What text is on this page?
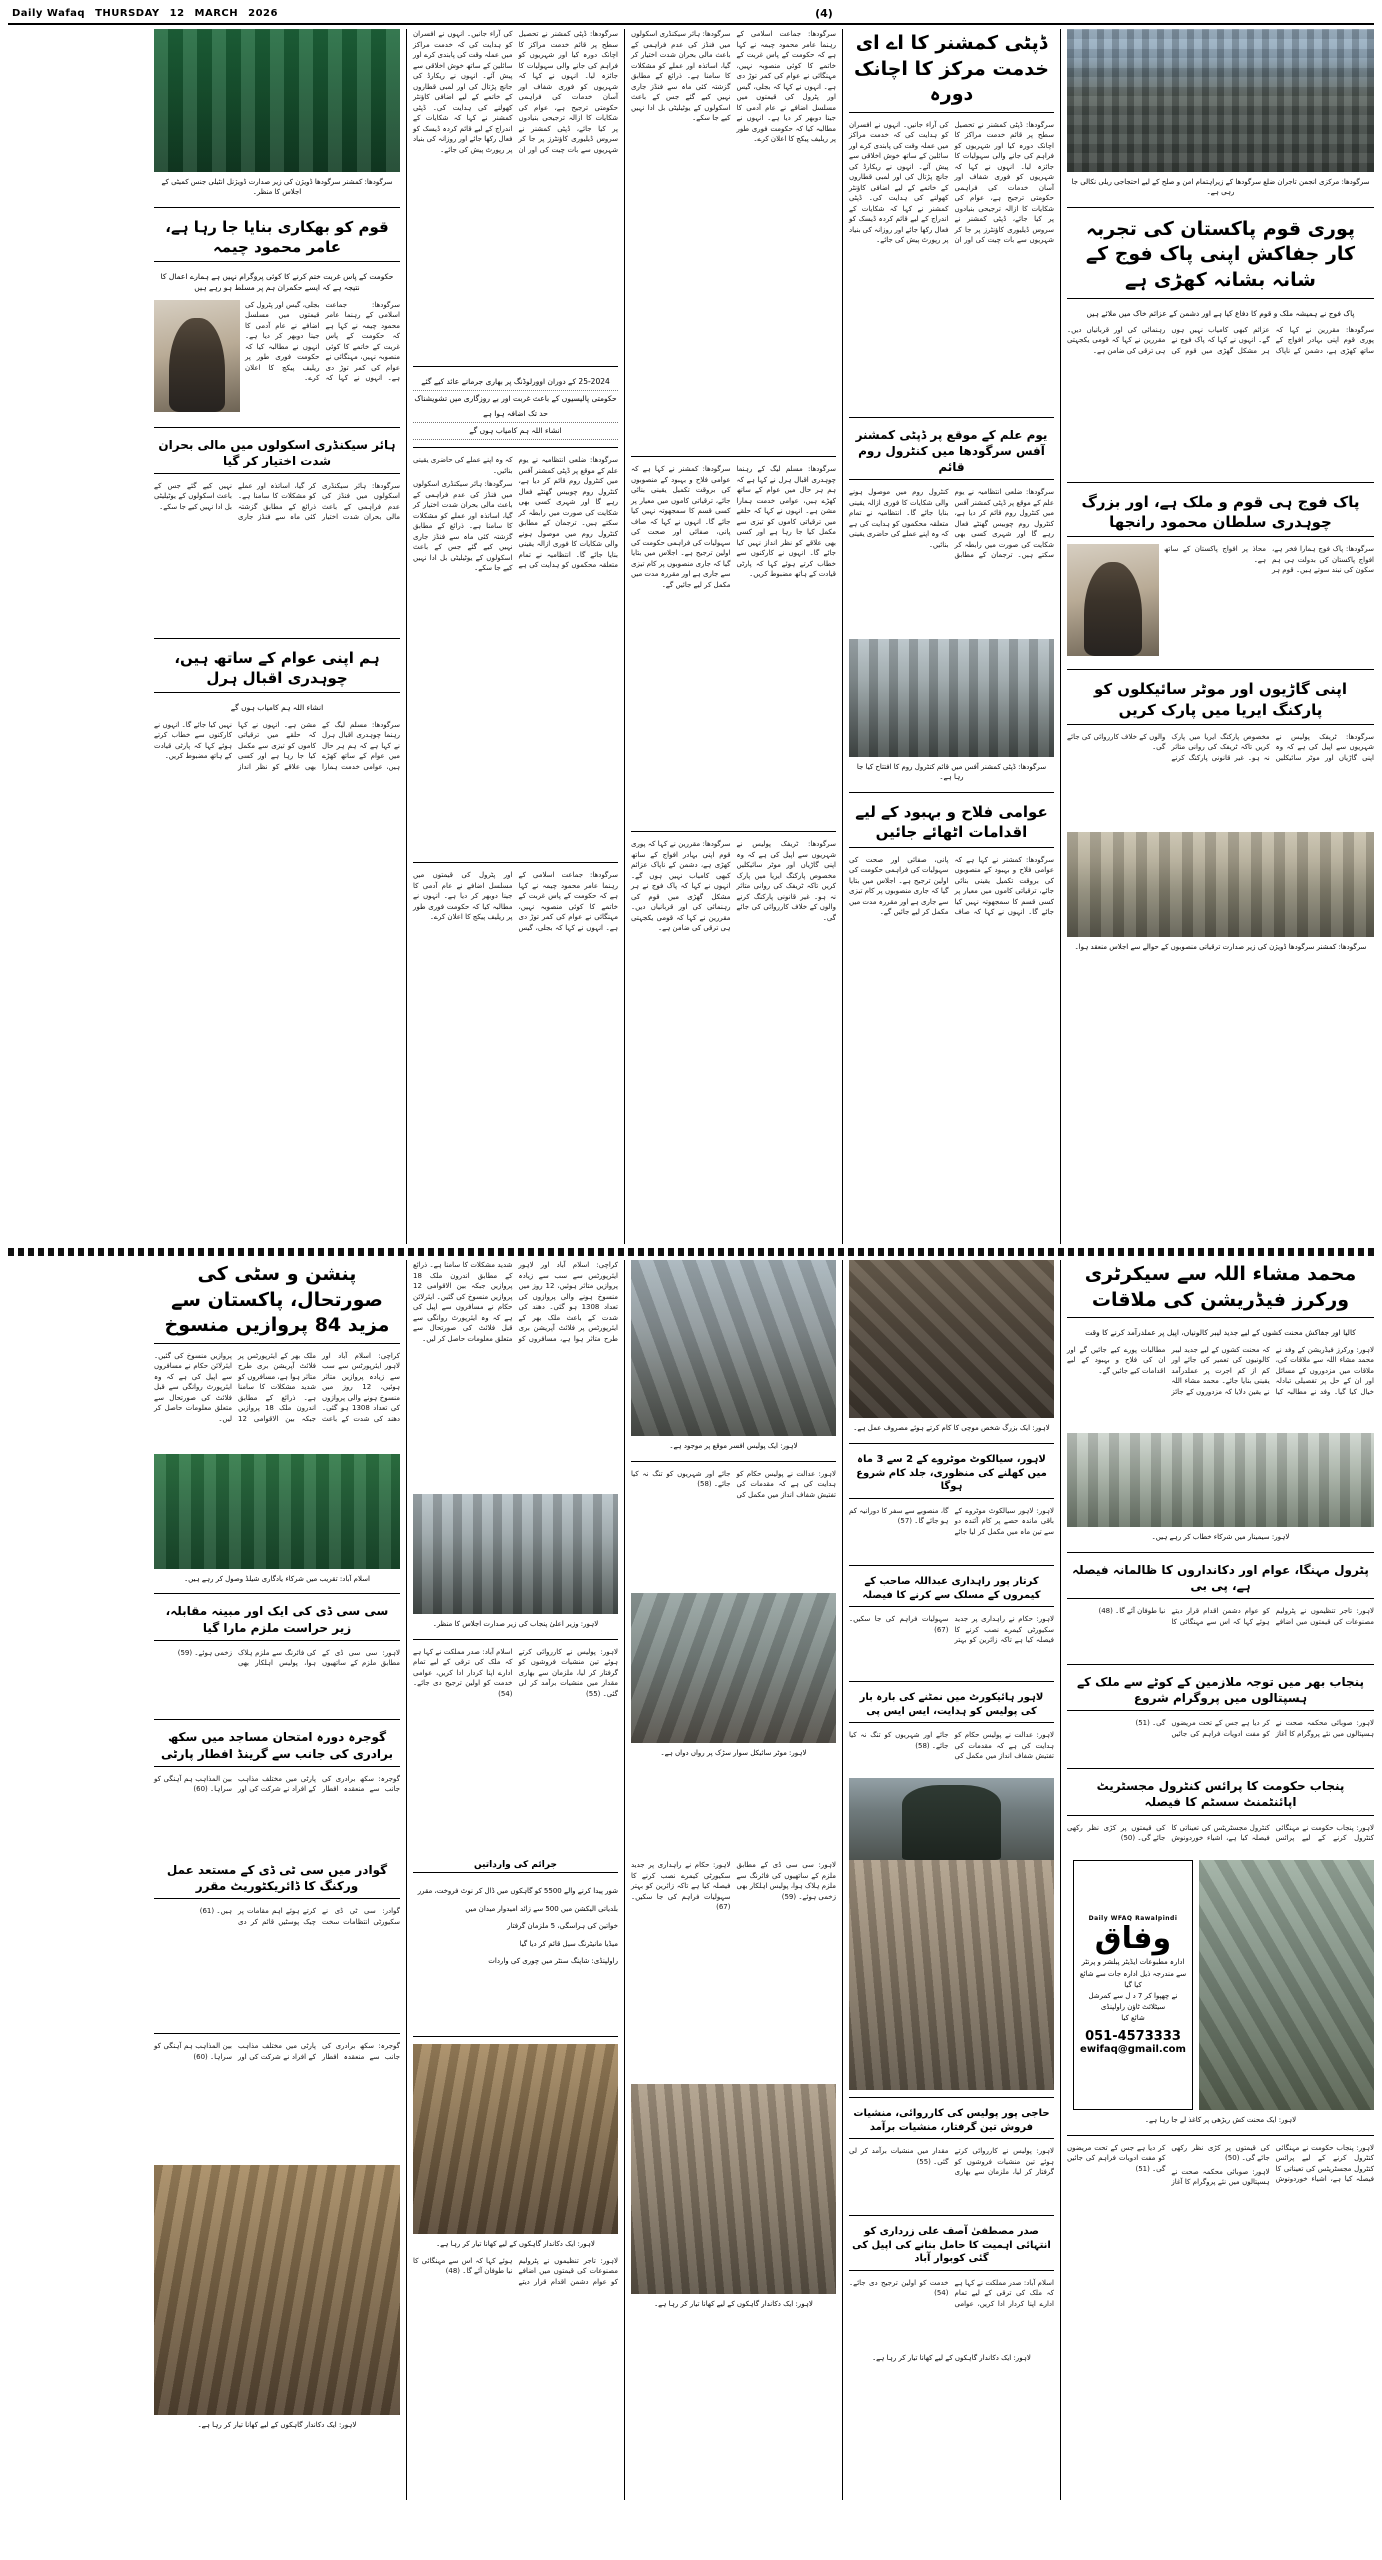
Daily Wafaq THURSDAY 12 MARCH 2026	(4)
سرگودھا: مرکزی انجمن تاجران ضلع سرگودھا کے زیراہتمام امن و صلح کے لیے احتجاجی ریلی نکالی جا رہی ہے۔
پوری قوم پاکستان کی تجربہ کار جفاکش اپنی پاک فوج کے شانہ بشانہ کھڑی ہے
پاک فوج نے ہمیشہ ملک و قوم کا دفاع کیا ہے اور دشمن کے عزائم خاک میں ملائے ہیں

سرگودھا: مقررین نے کہا کہ پوری قوم اپنی بہادر افواج کے ساتھ کھڑی ہے، دشمن کے ناپاک عزائم کبھی کامیاب نہیں ہوں گے۔ انہوں نے کہا کہ پاک فوج نے ہر مشکل گھڑی میں قوم کی رہنمائی کی اور قربانیاں دیں۔ مقررین نے کہا کہ قومی یکجہتی ہی ترقی کی ضامن ہے۔

پاک فوج ہی قوم و ملک ہے، اور بزرگ چوہدری سلطان محمود رانجھا

سرگودھا: پاک فوج ہمارا فخر ہے، افواج پاکستان کی بدولت ہی ہم سکون کی نیند سوتے ہیں۔ قوم ہر محاذ پر افواج پاکستان کے ساتھ ہے۔

اپنی گاڑیوں اور موٹر سائیکلوں کو پارکنگ ایریا میں پارک کریں

سرگودھا: ٹریفک پولیس نے شہریوں سے اپیل کی ہے کہ وہ اپنی گاڑیاں اور موٹر سائیکلیں مخصوص پارکنگ ایریا میں پارک کریں تاکہ ٹریفک کی روانی متاثر نہ ہو۔ غیر قانونی پارکنگ کرنے والوں کے خلاف کارروائی کی جائے گی۔

سرگودھا: کمشنر سرگودھا ڈویژن کی زیر صدارت ترقیاتی منصوبوں کے حوالے سے اجلاس منعقد ہوا۔
ڈپٹی کمشنر کا اے ای خدمت مرکز کا اچانک دورہ

سرگودھا: ڈپٹی کمشنر نے تحصیل سطح پر قائم خدمت مراکز کا اچانک دورہ کیا اور شہریوں کو فراہم کی جانے والی سہولیات کا جائزہ لیا۔ انہوں نے کہا کہ شہریوں کو فوری شفاف اور آسان خدمات کی فراہمی حکومتی ترجیح ہے، عوام کی شکایات کا ازالہ ترجیحی بنیادوں پر کیا جائے، ڈپٹی کمشنر نے سروس ڈیلیوری کاؤنٹرز پر جا کر شہریوں سے بات چیت کی اور ان کی آراء جانیں۔ انہوں نے افسران کو ہدایت کی کہ خدمت مراکز میں عملہ وقت کی پابندی کرے اور سائلین کے ساتھ خوش اخلاقی سے پیش آئے۔ انہوں نے ریکارڈ کی جانچ پڑتال کی اور لمبی قطاروں کے خاتمے کے لیے اضافی کاؤنٹر کھولنے کی ہدایت کی۔ ڈپٹی کمشنر نے کہا کہ شکایات کے اندراج کے لیے قائم کردہ ڈیسک کو فعال رکھا جائے اور روزانہ کی بنیاد پر رپورٹ پیش کی جائے۔

یوم علم کے موقع پر ڈپٹی کمشنر آفس سرگودھا میں کنٹرول روم قائم

سرگودھا: ضلعی انتظامیہ نے یوم علم کے موقع پر ڈپٹی کمشنر آفس میں کنٹرول روم قائم کر دیا ہے، کنٹرول روم چوبیس گھنٹے فعال رہے گا اور شہری کسی بھی شکایت کی صورت میں رابطہ کر سکتے ہیں۔ ترجمان کے مطابق کنٹرول روم میں موصول ہونے والی شکایات کا فوری ازالہ یقینی بنایا جائے گا۔ انتظامیہ نے تمام متعلقہ محکموں کو ہدایت کی ہے کہ وہ اپنے عملے کی حاضری یقینی بنائیں۔

سرگودھا: ڈپٹی کمشنر آفس میں قائم کنٹرول روم کا افتتاح کیا جا رہا ہے۔
عوامی فلاح و بہبود کے لیے اقدامات اٹھائے جائیں

سرگودھا: کمشنر نے کہا ہے کہ عوامی فلاح و بہبود کے منصوبوں کی بروقت تکمیل یقینی بنائی جائے، ترقیاتی کاموں میں معیار پر کسی قسم کا سمجھوتہ نہیں کیا جائے گا۔ انہوں نے کہا کہ صاف پانی، صفائی اور صحت کی سہولیات کی فراہمی حکومت کی اولین ترجیح ہے۔ اجلاس میں بتایا گیا کہ جاری منصوبوں پر کام تیزی سے جاری ہے اور مقررہ مدت میں مکمل کر لیے جائیں گے۔

سرگودھا: جماعت اسلامی کے رہنما عامر محمود چیمہ نے کہا ہے کہ حکومت کے پاس غربت کے خاتمے کا کوئی منصوبہ نہیں، مہنگائی نے عوام کی کمر توڑ دی ہے۔ انہوں نے کہا کہ بجلی، گیس اور پٹرول کی قیمتوں میں مسلسل اضافے نے عام آدمی کا جینا دوبھر کر دیا ہے۔ انہوں نے مطالبہ کیا کہ حکومت فوری طور پر ریلیف پیکج کا اعلان کرے۔

سرگودھا: ہائر سیکنڈری اسکولوں میں فنڈز کی عدم فراہمی کے باعث مالی بحران شدت اختیار کر گیا، اساتذہ اور عملے کو مشکلات کا سامنا ہے۔ ذرائع کے مطابق گزشتہ کئی ماہ سے فنڈز جاری نہیں کیے گئے جس کے باعث اسکولوں کے یوٹیلیٹی بل ادا نہیں کیے جا سکے۔

سرگودھا: مسلم لیگ کے رہنما چوہدری اقبال ہرل نے کہا ہے کہ ہم ہر حال میں عوام کے ساتھ کھڑے ہیں، عوامی خدمت ہمارا مشن ہے۔ انہوں نے کہا کہ حلقے میں ترقیاتی کاموں کو تیزی سے مکمل کیا جا رہا ہے اور کسی بھی علاقے کو نظر انداز نہیں کیا جائے گا۔ انہوں نے کارکنوں سے خطاب کرتے ہوئے کہا کہ پارٹی قیادت کے ہاتھ مضبوط کریں۔

سرگودھا: کمشنر نے کہا ہے کہ عوامی فلاح و بہبود کے منصوبوں کی بروقت تکمیل یقینی بنائی جائے، ترقیاتی کاموں میں معیار پر کسی قسم کا سمجھوتہ نہیں کیا جائے گا۔ انہوں نے کہا کہ صاف پانی، صفائی اور صحت کی سہولیات کی فراہمی حکومت کی اولین ترجیح ہے۔ اجلاس میں بتایا گیا کہ جاری منصوبوں پر کام تیزی سے جاری ہے اور مقررہ مدت میں مکمل کر لیے جائیں گے۔

سرگودھا: ٹریفک پولیس نے شہریوں سے اپیل کی ہے کہ وہ اپنی گاڑیاں اور موٹر سائیکلیں مخصوص پارکنگ ایریا میں پارک کریں تاکہ ٹریفک کی روانی متاثر نہ ہو۔ غیر قانونی پارکنگ کرنے والوں کے خلاف کارروائی کی جائے گی۔

سرگودھا: مقررین نے کہا کہ پوری قوم اپنی بہادر افواج کے ساتھ کھڑی ہے، دشمن کے ناپاک عزائم کبھی کامیاب نہیں ہوں گے۔ انہوں نے کہا کہ پاک فوج نے ہر مشکل گھڑی میں قوم کی رہنمائی کی اور قربانیاں دیں۔ مقررین نے کہا کہ قومی یکجہتی ہی ترقی کی ضامن ہے۔

سرگودھا: ڈپٹی کمشنر نے تحصیل سطح پر قائم خدمت مراکز کا اچانک دورہ کیا اور شہریوں کو فراہم کی جانے والی سہولیات کا جائزہ لیا۔ انہوں نے کہا کہ شہریوں کو فوری شفاف اور آسان خدمات کی فراہمی حکومتی ترجیح ہے، عوام کی شکایات کا ازالہ ترجیحی بنیادوں پر کیا جائے، ڈپٹی کمشنر نے سروس ڈیلیوری کاؤنٹرز پر جا کر شہریوں سے بات چیت کی اور ان کی آراء جانیں۔ انہوں نے افسران کو ہدایت کی کہ خدمت مراکز میں عملہ وقت کی پابندی کرے اور سائلین کے ساتھ خوش اخلاقی سے پیش آئے۔ انہوں نے ریکارڈ کی جانچ پڑتال کی اور لمبی قطاروں کے خاتمے کے لیے اضافی کاؤنٹر کھولنے کی ہدایت کی۔ ڈپٹی کمشنر نے کہا کہ شکایات کے اندراج کے لیے قائم کردہ ڈیسک کو فعال رکھا جائے اور روزانہ کی بنیاد پر رپورٹ پیش کی جائے۔

25-2024 کے دوران اوورلوڈنگ پر بھاری جرمانے عائد کیے گئے
حکومتی پالیسیوں کے باعث غربت اور بے روزگاری میں تشویشناک حد تک اضافہ ہوا ہے
انشاء اللہ ہم کامیاب ہوں گے

سرگودھا: ضلعی انتظامیہ نے یوم علم کے موقع پر ڈپٹی کمشنر آفس میں کنٹرول روم قائم کر دیا ہے، کنٹرول روم چوبیس گھنٹے فعال رہے گا اور شہری کسی بھی شکایت کی صورت میں رابطہ کر سکتے ہیں۔ ترجمان کے مطابق کنٹرول روم میں موصول ہونے والی شکایات کا فوری ازالہ یقینی بنایا جائے گا۔ انتظامیہ نے تمام متعلقہ محکموں کو ہدایت کی ہے کہ وہ اپنے عملے کی حاضری یقینی بنائیں۔

سرگودھا: ہائر سیکنڈری اسکولوں میں فنڈز کی عدم فراہمی کے باعث مالی بحران شدت اختیار کر گیا، اساتذہ اور عملے کو مشکلات کا سامنا ہے۔ ذرائع کے مطابق گزشتہ کئی ماہ سے فنڈز جاری نہیں کیے گئے جس کے باعث اسکولوں کے یوٹیلیٹی بل ادا نہیں کیے جا سکے۔

سرگودھا: جماعت اسلامی کے رہنما عامر محمود چیمہ نے کہا ہے کہ حکومت کے پاس غربت کے خاتمے کا کوئی منصوبہ نہیں، مہنگائی نے عوام کی کمر توڑ دی ہے۔ انہوں نے کہا کہ بجلی، گیس اور پٹرول کی قیمتوں میں مسلسل اضافے نے عام آدمی کا جینا دوبھر کر دیا ہے۔ انہوں نے مطالبہ کیا کہ حکومت فوری طور پر ریلیف پیکج کا اعلان کرے۔

سرگودھا: کمشنر سرگودھا ڈویژن کی زیر صدارت ڈویژنل انٹیلی جنس کمیٹی کے اجلاس کا منظر۔
قوم کو بھکاری بنایا جا رہا ہے، عامر محمود چیمہ
حکومت کے پاس غربت ختم کرنے کا کوئی پروگرام نہیں ہے ہمارے اعمال کا نتیجہ ہے کہ ایسے حکمران ہم پر مسلط ہو رہے ہیں

سرگودھا: جماعت اسلامی کے رہنما عامر محمود چیمہ نے کہا ہے کہ حکومت کے پاس غربت کے خاتمے کا کوئی منصوبہ نہیں، مہنگائی نے عوام کی کمر توڑ دی ہے۔ انہوں نے کہا کہ بجلی، گیس اور پٹرول کی قیمتوں میں مسلسل اضافے نے عام آدمی کا جینا دوبھر کر دیا ہے۔ انہوں نے مطالبہ کیا کہ حکومت فوری طور پر ریلیف پیکج کا اعلان کرے۔

ہائر سیکنڈری اسکولوں میں مالی بحران شدت اختیار کر گیا

سرگودھا: ہائر سیکنڈری اسکولوں میں فنڈز کی عدم فراہمی کے باعث مالی بحران شدت اختیار کر گیا، اساتذہ اور عملے کو مشکلات کا سامنا ہے۔ ذرائع کے مطابق گزشتہ کئی ماہ سے فنڈز جاری نہیں کیے گئے جس کے باعث اسکولوں کے یوٹیلیٹی بل ادا نہیں کیے جا سکے۔

ہم اپنی عوام کے ساتھ ہیں، چوہدری اقبال ہرل
انشاء اللہ ہم کامیاب ہوں گے

سرگودھا: مسلم لیگ کے رہنما چوہدری اقبال ہرل نے کہا ہے کہ ہم ہر حال میں عوام کے ساتھ کھڑے ہیں، عوامی خدمت ہمارا مشن ہے۔ انہوں نے کہا کہ حلقے میں ترقیاتی کاموں کو تیزی سے مکمل کیا جا رہا ہے اور کسی بھی علاقے کو نظر انداز نہیں کیا جائے گا۔ انہوں نے کارکنوں سے خطاب کرتے ہوئے کہا کہ پارٹی قیادت کے ہاتھ مضبوط کریں۔

محمد مشاء اللہ سے سیکرٹری ورکرز فیڈریشن کی ملاقات
کالیا اور جفاکش محنت کشوں کے لیے جدید لیبر کالونیاں، اپیل پر عملدرآمد کرنے کا وقت

لاہور: ورکرز فیڈریشن کے وفد نے محمد مشاء اللہ سے ملاقات کی، ملاقات میں مزدوروں کے مسائل اور ان کے حل پر تفصیلی تبادلہ خیال کیا گیا۔ وفد نے مطالبہ کیا کہ محنت کشوں کے لیے جدید لیبر کالونیوں کی تعمیر کی جائے اور کم از کم اجرت پر عملدرآمد یقینی بنایا جائے۔ محمد مشاء اللہ نے یقین دلایا کہ مزدوروں کے جائز مطالبات پورے کیے جائیں گے اور ان کی فلاح و بہبود کے لیے اقدامات کیے جائیں گے۔

لاہور: سیمینار میں شرکاء خطاب کر رہے ہیں۔
پٹرول مہنگا، عوام اور دکانداروں کا ظالمانہ فیصلہ ہے، پی بی

لاہور: تاجر تنظیموں نے پٹرولیم مصنوعات کی قیمتوں میں اضافے کو عوام دشمن اقدام قرار دیتے ہوئے کہا کہ اس سے مہنگائی کا نیا طوفان آئے گا۔ (48)

پنجاب بھر میں توجہ ملازمین کے کوٹے سے ملک کے ہسپتالوں میں پروگرام شروع

لاہور: صوبائی محکمہ صحت نے ہسپتالوں میں نئے پروگرام کا آغاز کر دیا ہے جس کے تحت مریضوں کو مفت ادویات فراہم کی جائیں گی۔ (51)

پنجاب حکومت کا پرائس کنٹرول مجسٹریٹ اپائنٹمنٹ سسٹم کا فیصلہ

لاہور: پنجاب حکومت نے مہنگائی کنٹرول کرنے کے لیے پرائس کنٹرول مجسٹریٹس کی تعیناتی کا فیصلہ کیا ہے، اشیاء خوردونوش کی قیمتوں پر کڑی نظر رکھی جائے گی۔ (50)

لاہور: ایک بزرگ شخص موچی کا کام کرتے ہوئے مصروف عمل ہے۔
لاہور، سیالکوٹ موٹروے کے 2 سے 3 ماہ میں کھلنے کی منظوری، جلد کام شروع ہوگا

لاہور: لاہور سیالکوٹ موٹروے کے باقی ماندہ حصے پر کام آئندہ دو سے تین ماہ میں مکمل کر لیا جائے گا، منصوبے سے سفر کا دورانیہ کم ہو جائے گا۔ (57)

کرتار پور راہداری عبداللہ صاحب کے کیمروں کے مسلک سے کرنے کا فیصلہ

لاہور: حکام نے راہداری پر جدید سکیورٹی کیمرے نصب کرنے کا فیصلہ کیا ہے تاکہ زائرین کو بہتر سہولیات فراہم کی جا سکیں۔ (67)

لاہور ہائیکورٹ میں نمٹنے کی بارہ بار کی پولیس کو ہدایت، ایس ایس پی

لاہور: عدالت نے پولیس حکام کو ہدایت کی ہے کہ مقدمات کی تفتیش شفاف انداز میں مکمل کی جائے اور شہریوں کو تنگ نہ کیا جائے۔ (58)

لاہور: ایک پولیس افسر موقع پر موجود ہے۔

لاہور: عدالت نے پولیس حکام کو ہدایت کی ہے کہ مقدمات کی تفتیش شفاف انداز میں مکمل کی جائے اور شہریوں کو تنگ نہ کیا جائے۔ (58)

لاہور: موٹر سائیکل سوار سڑک پر رواں دواں ہے۔

کراچی: اسلام آباد اور لاہور ایئرپورٹس سے سب سے زیادہ پروازیں متاثر ہوئیں، 12 روز میں منسوخ ہونے والی پروازوں کی تعداد 1308 ہو گئی۔ دھند کی شدت کے باعث ملک بھر کے ایئرپورٹس پر فلائٹ آپریشن بری طرح متاثر ہوا ہے، مسافروں کو شدید مشکلات کا سامنا ہے۔ ذرائع کے مطابق اندرون ملک 18 پروازیں جبکہ بین الاقوامی 12 پروازیں منسوخ کی گئیں۔ ایئرلائن حکام نے مسافروں سے اپیل کی ہے کہ وہ ایئرپورٹ روانگی سے قبل فلائٹ کی صورتحال سے متعلق معلومات حاصل کر لیں۔

لاہور: وزیر اعلیٰ پنجاب کی زیر صدارت اجلاس کا منظر۔

لاہور: پولیس نے کارروائی کرتے ہوئے تین منشیات فروشوں کو گرفتار کر لیا، ملزمان سے بھاری مقدار میں منشیات برآمد کر لی گئی۔ (55)

اسلام آباد: صدر مملکت نے کہا ہے کہ ملک کی ترقی کے لیے تمام ادارے اپنا کردار ادا کریں، عوامی خدمت کو اولین ترجیح دی جائے۔ (54)

پنشن و سٹی کی صورتحال، پاکستان سے مزید 84 پروازیں منسوخ

کراچی: اسلام آباد اور لاہور ایئرپورٹس سے سب سے زیادہ پروازیں متاثر ہوئیں، 12 روز میں منسوخ ہونے والی پروازوں کی تعداد 1308 ہو گئی۔ دھند کی شدت کے باعث ملک بھر کے ایئرپورٹس پر فلائٹ آپریشن بری طرح متاثر ہوا ہے، مسافروں کو شدید مشکلات کا سامنا ہے۔ ذرائع کے مطابق اندرون ملک 18 پروازیں جبکہ بین الاقوامی 12 پروازیں منسوخ کی گئیں۔ ایئرلائن حکام نے مسافروں سے اپیل کی ہے کہ وہ ایئرپورٹ روانگی سے قبل فلائٹ کی صورتحال سے متعلق معلومات حاصل کر لیں۔

اسلام آباد: تقریب میں شرکاء یادگاری شیلڈ وصول کر رہے ہیں۔
سی سی ڈی کی ایک اور مبینہ مقابلہ، زیر حراست ملزم مارا گیا

لاہور: سی سی ڈی کے مطابق ملزم کے ساتھیوں کی فائرنگ سے ملزم ہلاک ہوا، پولیس اہلکار بھی زخمی ہوئے۔ (59)

گوجرہ دورہ امتحان مساجد میں سکھ برادری کی جانب سے گرینڈ افطار پارٹی

گوجرہ: سکھ برادری کی جانب سے منعقدہ افطار پارٹی میں مختلف مذاہب کے افراد نے شرکت کی اور بین المذاہب ہم آہنگی کو سراہا۔ (60)

Daily WFAQ Rawalpindi
وفاق
ادارہ مطبوعات ایڈیٹر پبلشر و پرنٹر
سے مندرجہ ذیل ادارہ جات سے شائع کیا گیا
نے چھپوا کر 7 د ل سے کمرشل
سیٹلائٹ ٹاؤن راولپنڈی
شائع کیا
051-4573333
ewifaq@gmail.com
لاہور: ایک محنت کش ریڑھی پر کاغذ لے جا رہا ہے۔

لاہور: پنجاب حکومت نے مہنگائی کنٹرول کرنے کے لیے پرائس کنٹرول مجسٹریٹس کی تعیناتی کا فیصلہ کیا ہے، اشیاء خوردونوش کی قیمتوں پر کڑی نظر رکھی جائے گی۔ (50)

لاہور: صوبائی محکمہ صحت نے ہسپتالوں میں نئے پروگرام کا آغاز کر دیا ہے جس کے تحت مریضوں کو مفت ادویات فراہم کی جائیں گی۔ (51)

حاجی پور پولیس کی کارروائی، منشیات فروش تین گرفتار، منشیات برآمد

لاہور: پولیس نے کارروائی کرتے ہوئے تین منشیات فروشوں کو گرفتار کر لیا، ملزمان سے بھاری مقدار میں منشیات برآمد کر لی گئی۔ (55)

صدر مصطفیٰ آصف علی زرداری کو انتہائی اہمیت کا حامل بنانے کی اپیل کی گئی کوبوار آباد

اسلام آباد: صدر مملکت نے کہا ہے کہ ملک کی ترقی کے لیے تمام ادارے اپنا کردار ادا کریں، عوامی خدمت کو اولین ترجیح دی جائے۔ (54)

لاہور: ایک دکاندار گاہکوں کے لیے کھانا تیار کر رہا ہے۔

لاہور: سی سی ڈی کے مطابق ملزم کے ساتھیوں کی فائرنگ سے ملزم ہلاک ہوا، پولیس اہلکار بھی زخمی ہوئے۔ (59)

لاہور: حکام نے راہداری پر جدید سکیورٹی کیمرے نصب کرنے کا فیصلہ کیا ہے تاکہ زائرین کو بہتر سہولیات فراہم کی جا سکیں۔ (67)

لاہور: ایک دکاندار گاہکوں کے لیے کھانا تیار کر رہا ہے۔
جرائم کی وارداتیں

شور پیدا کرنے والے 5500 کو گاہکوں میں ڈال کر نوٹ فروخت، مقرر

بلدیاتی الیکشن میں 500 سے زائد امیدوار میدان میں

خواتین کی ہراسگی، 5 ملزمان گرفتار

میڈیا مانیٹرنگ سیل قائم کر دیا گیا

راولپنڈی: شاپنگ سنٹر میں چوری کی واردات

لاہور: ایک دکاندار گاہکوں کے لیے کھانا تیار کر رہا ہے۔

لاہور: تاجر تنظیموں نے پٹرولیم مصنوعات کی قیمتوں میں اضافے کو عوام دشمن اقدام قرار دیتے ہوئے کہا کہ اس سے مہنگائی کا نیا طوفان آئے گا۔ (48)

گوادر میں سی ٹی ڈی کے مستعد عمل ورکنگ کا ڈائریکٹوریٹ مقرر

گوادر: سی ٹی ڈی نے سکیورٹی انتظامات سخت کرتے ہوئے اہم مقامات پر چیک پوسٹیں قائم کر دی ہیں۔ (61)

گوجرہ: سکھ برادری کی جانب سے منعقدہ افطار پارٹی میں مختلف مذاہب کے افراد نے شرکت کی اور بین المذاہب ہم آہنگی کو سراہا۔ (60)

لاہور: ایک دکاندار گاہکوں کے لیے کھانا تیار کر رہا ہے۔
